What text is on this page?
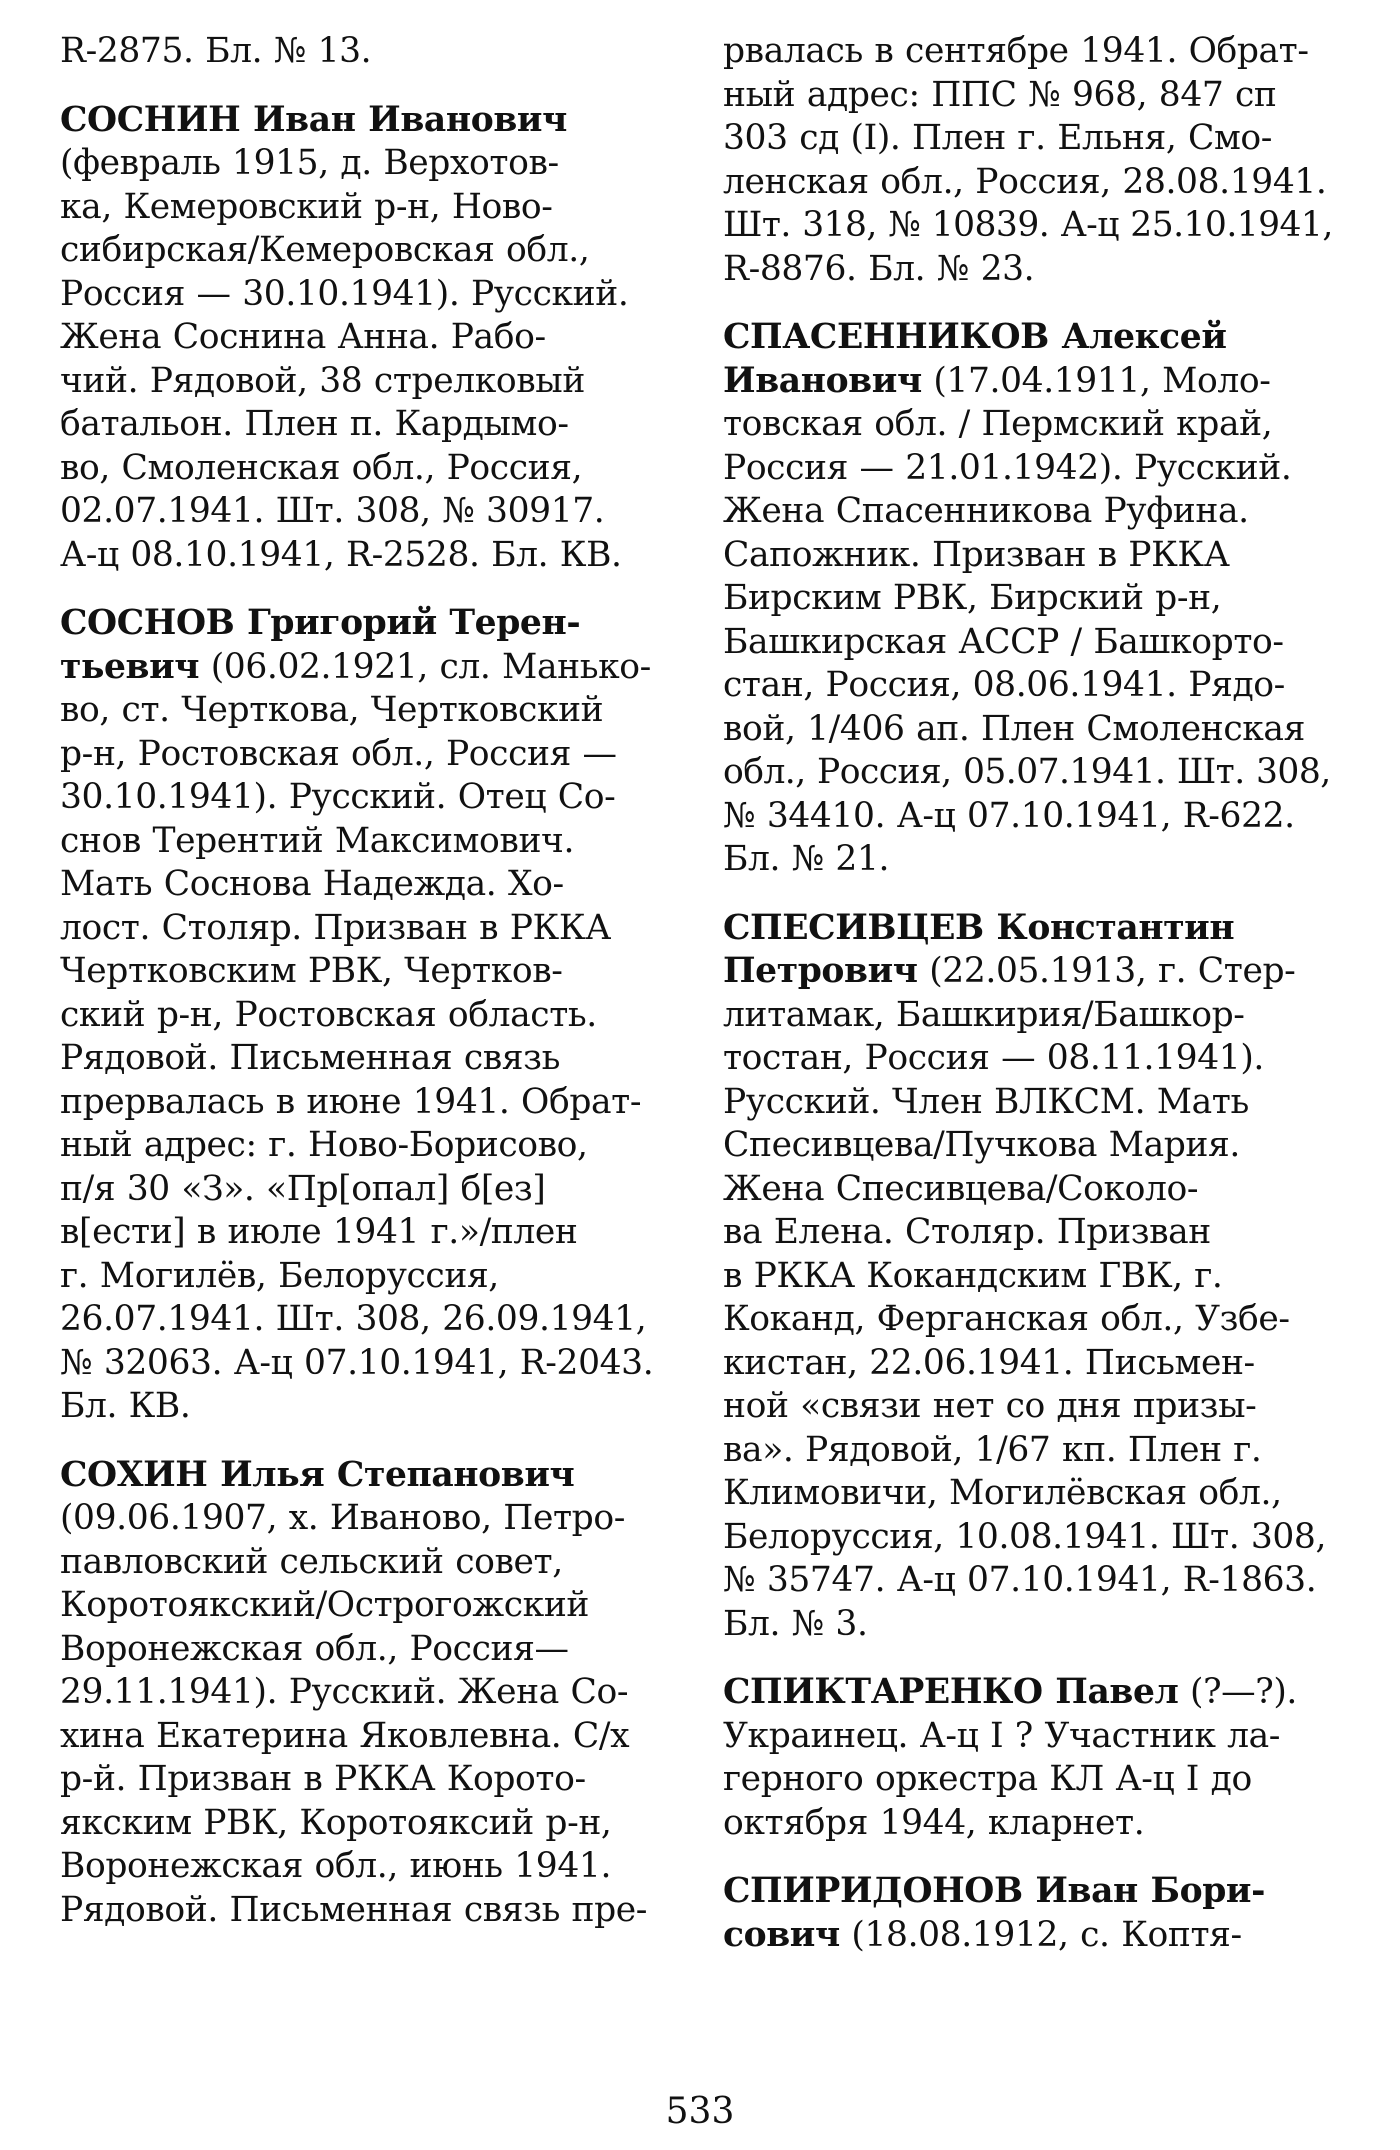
R-2875. Бл. № 13.

СОСНИН Иван Иванович
(февраль 1915, д. Верхотов-
ка, Кемеровский р-н, Ново-
сибирская/Кемеровская обл.,
Россия — 30.10.1941). Русский.
Жена Соснина Анна. Рабо-
чий. Рядовой, 38 стрелковый
батальон. Плен п. Кардымо-
во, Смоленская обл., Россия,
02.07.1941. Шт. 308, № 30917.
А-ц 08.10.1941, R-2528. Бл. КВ.

СОСНОВ Григорий Терен-
тьевич (06.02.1921, сл. Манько-
во, ст. Черткова, Чертковский
р-н, Ростовская обл., Россия —
30.10.1941). Русский. Отец Со-
снов Терентий Максимович.
Мать Соснова Надежда. Хо-
лост. Столяр. Призван в РККА
Чертковским РВК, Чертков-
ский р-н, Ростовская область.
Рядовой. Письменная связь
прервалась в июне 1941. Обрат-
ный адрес: г. Ново-Борисово,
п/я 30 «З». «Пр[опал] б[ез]
в[ести] в июле 1941 г.»/плен
г. Могилёв, Белоруссия,
26.07.1941. Шт. 308, 26.09.1941,
№ 32063. А-ц 07.10.1941, R-2043.
Бл. КВ.

СОХИН Илья Степанович
(09.06.1907, х. Иваново, Петро-
павловский сельский совет,
Коротоякский/Острогожский
Воронежская обл., Россия—
29.11.1941). Русский. Жена Со-
хина Екатерина Яковлевна. С/х
р-й. Призван в РККА Корото-
якским РВК, Коротояксий р-н,
Воронежская обл., июнь 1941.
Рядовой. Письменная связь пре-

рвалась в сентябре 1941. Обрат-
ный адрес: ППС № 968, 847 сп
303 сд (I). Плен г. Ельня, Смо-
ленская обл., Россия, 28.08.1941.
Шт. 318, № 10839. А-ц 25.10.1941,
R-8876. Бл. № 23.

СПАСЕННИКОВ Алексей
Иванович (17.04.1911, Моло-
товская обл. / Пермский край,
Россия — 21.01.1942). Русский.
Жена Спасенникова Руфина.
Сапожник. Призван в РККА
Бирским РВК, Бирский р-н,
Башкирская АССР / Башкорто-
стан, Россия, 08.06.1941. Рядо-
вой, 1/406 ап. Плен Смоленская
обл., Россия, 05.07.1941. Шт. 308,
№ 34410. А-ц 07.10.1941, R-622.
Бл. № 21.

СПЕСИВЦЕВ Константин
Петрович (22.05.1913, г. Стер-
литамак, Башкирия/Башкор-
тостан, Россия — 08.11.1941).
Русский. Член ВЛКСМ. Мать
Спесивцева/Пучкова Мария.
Жена Спесивцева/Соколо-
ва Елена. Столяр. Призван
в РККА Кокандским ГВК, г.
Коканд, Ферганская обл., Узбе-
кистан, 22.06.1941. Письмен-
ной «связи нет со дня призы-
ва». Рядовой, 1/67 кп. Плен г.
Климовичи, Могилёвская обл.,
Белоруссия, 10.08.1941. Шт. 308,
№ 35747. А-ц 07.10.1941, R-1863.
Бл. № 3.

СПИКТАРЕНКО Павел (?—?).
Украинец. А-ц I ? Участник ла-
герного оркестра КЛ А-ц I до
октября 1944, кларнет.

СПИРИДОНОВ Иван Бори-
сович (18.08.1912, с. Коптя-

533
